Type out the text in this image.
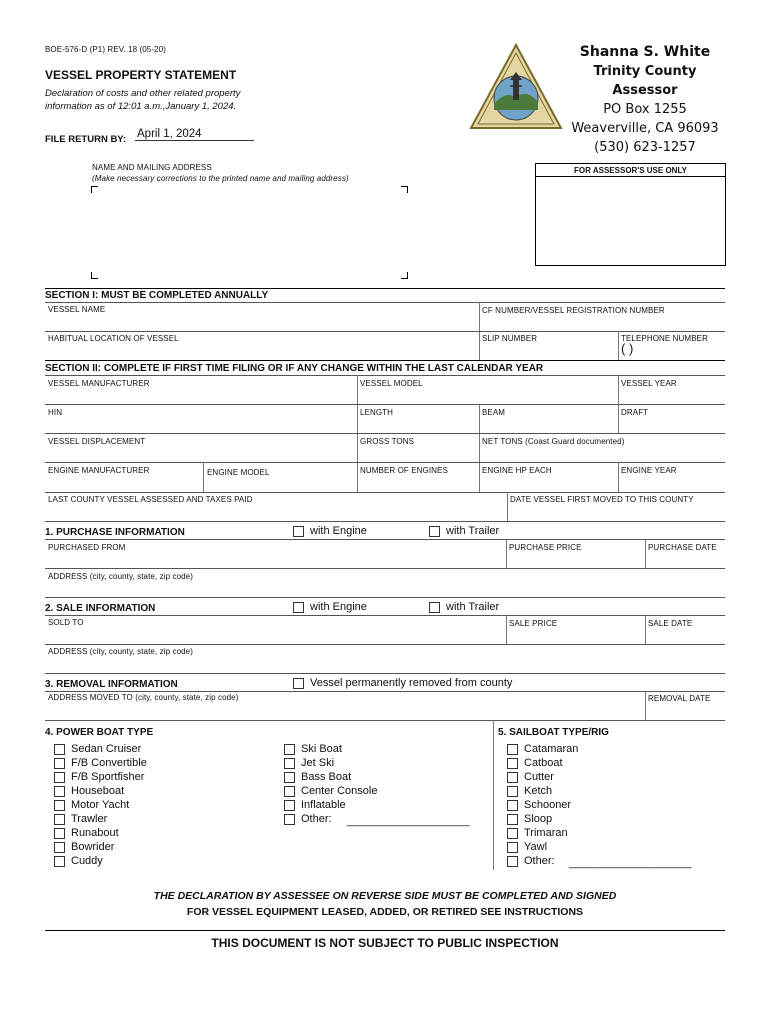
BOE-576-D (P1) REV. 18 (05-20)
VESSEL PROPERTY STATEMENT
Declaration of costs and other related property
information as of 12:01 a.m.,January 1, 2024.
FILE RETURN BY: April 1, 2024
Shanna S. White
Trinity County Assessor
PO Box 1255
Weaverville, CA 96093
(530) 623-1257
NAME AND MAILING ADDRESS
(Make necessary corrections to the printed name and mailing address)
FOR ASSESSOR'S USE ONLY
SECTION I: MUST BE COMPLETED ANNUALLY
VESSEL NAME	CF NUMBER/VESSEL REGISTRATION NUMBER
HABITUAL LOCATION OF VESSEL	SLIP NUMBER	TELEPHONE NUMBER
( )
SECTION II: COMPLETE IF FIRST TIME FILING OR IF ANY CHANGE WITHIN THE LAST CALENDAR YEAR
VESSEL MANUFACTURER	VESSEL MODEL	VESSEL YEAR
HIN	LENGTH	BEAM	DRAFT
VESSEL DISPLACEMENT	GROSS TONS	NET TONS (Coast Guard documented)
ENGINE MANUFACTURER	ENGINE MODEL	NUMBER OF ENGINES	ENGINE HP EACH	ENGINE YEAR
LAST COUNTY VESSEL ASSESSED AND TAXES PAID	DATE VESSEL FIRST MOVED TO THIS COUNTY
1. PURCHASE INFORMATION	with Engine	with Trailer
PURCHASED FROM	PURCHASE PRICE	PURCHASE DATE
ADDRESS (city, county, state, zip code)
2. SALE INFORMATION	with Engine	with Trailer
SOLD TO	SALE PRICE	SALE DATE
ADDRESS (city, county, state, zip code)
3. REMOVAL INFORMATION	Vessel permanently removed from county
ADDRESS MOVED TO (city, county, state, zip code)	REMOVAL DATE
4. POWER BOAT TYPE	5. SAILBOAT TYPE/RIG
Sedan Cruiser
F/B Convertible
F/B Sportfisher
Houseboat
Motor Yacht
Trawler
Runabout
Bowrider
Cuddy
Ski Boat
Jet Ski
Bass Boat
Center Console
Inflatable
Other: ____________________
Catamaran
Catboat
Cutter
Ketch
Schooner
Sloop
Trimaran
Yawl
Other: ____________________
THE DECLARATION BY ASSESSEE ON REVERSE SIDE MUST BE COMPLETED AND SIGNED
FOR VESSEL EQUIPMENT LEASED, ADDED, OR RETIRED SEE INSTRUCTIONS
THIS DOCUMENT IS NOT SUBJECT TO PUBLIC INSPECTION
